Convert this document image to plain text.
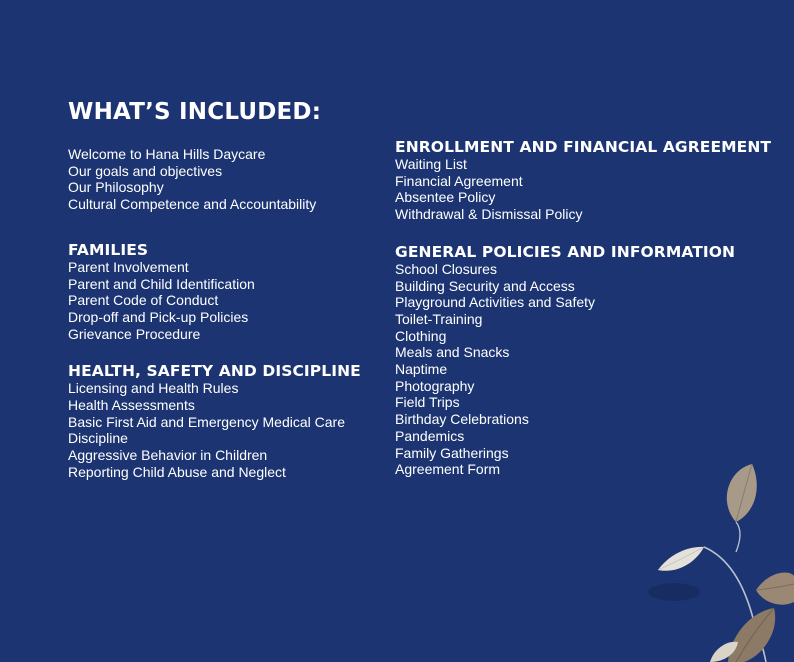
WHAT’S INCLUDED:
Welcome to Hana Hills Daycare
Our goals and objectives
Our Philosophy
Cultural Competence and Accountability
FAMILIES
Parent Involvement
Parent and Child Identification
Parent Code of Conduct
Drop-off and Pick-up Policies
Grievance Procedure
HEALTH, SAFETY AND DISCIPLINE
Licensing and Health Rules
Health Assessments
Basic First Aid and Emergency Medical Care
Discipline
Aggressive Behavior in Children
Reporting Child Abuse and Neglect
ENROLLMENT AND FINANCIAL AGREEMENT
Waiting List
Financial Agreement
Absentee Policy
Withdrawal & Dismissal Policy
GENERAL POLICIES AND INFORMATION
School Closures
Building Security and Access
Playground Activities and Safety
Toilet-Training
Clothing
Meals and Snacks
Naptime
Photography
Field Trips
Birthday Celebrations
Pandemics
Family Gatherings
Agreement Form
